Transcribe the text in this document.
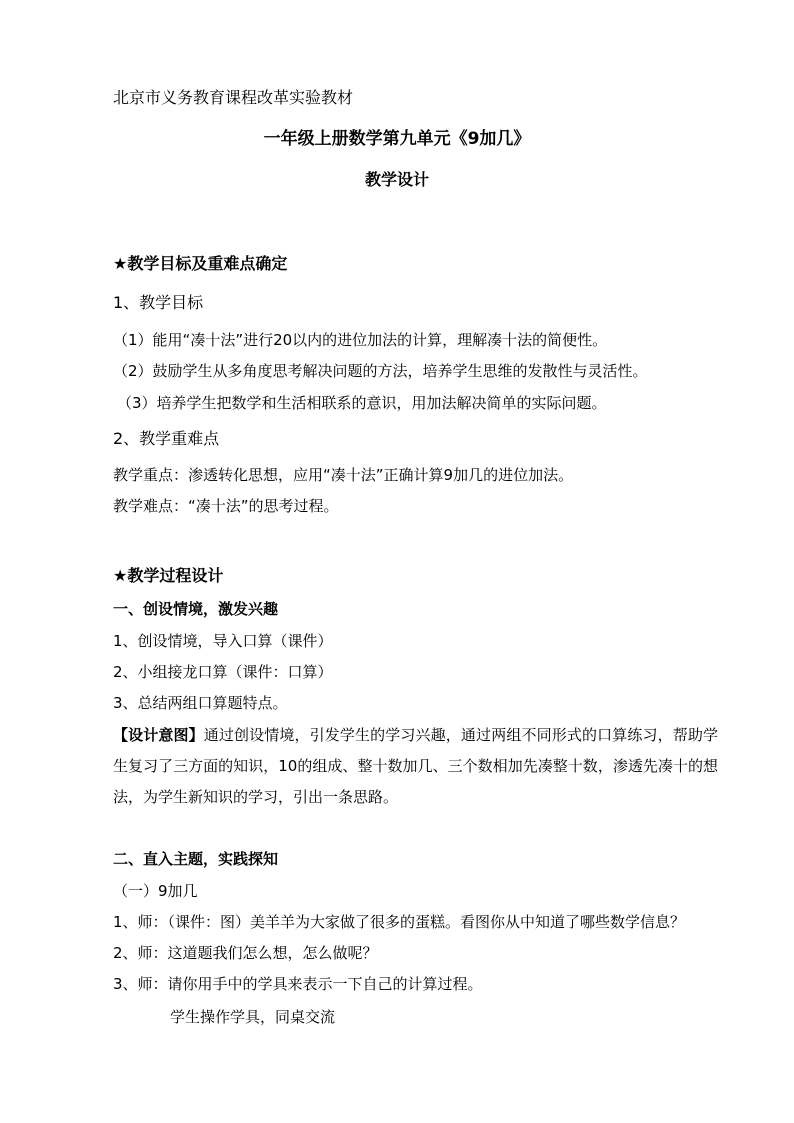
北京市义务教育课程改革实验教材
一年级上册数学第九单元《9加几》
教学设计
★教学目标及重难点确定
1、教学目标
（1）能用“凑十法”进行20以内的进位加法的计算，理解凑十法的简便性。
（2）鼓励学生从多角度思考解决问题的方法，培养学生思维的发散性与灵活性。
（3）培养学生把数学和生活相联系的意识，用加法解决简单的实际问题。
2、教学重难点
教学重点：渗透转化思想，应用“凑十法”正确计算9加几的进位加法。
教学难点：“凑十法”的思考过程。
★教学过程设计
一、创设情境，激发兴趣
1、创设情境，导入口算（课件）
2、小组接龙口算（课件：口算）
3、总结两组口算题特点。
【设计意图】通过创设情境，引发学生的学习兴趣，通过两组不同形式的口算练习，帮助学生复习了三方面的知识，10的组成、整十数加几、三个数相加先凑整十数，渗透先凑十的想法，为学生新知识的学习，引出一条思路。
二、直入主题，实践探知
（一）9加几
1、师：（课件：图）美羊羊为大家做了很多的蛋糕。看图你从中知道了哪些数学信息？
2、师：这道题我们怎么想，怎么做呢？
3、师：请你用手中的学具来表示一下自己的计算过程。
学生操作学具，同桌交流
